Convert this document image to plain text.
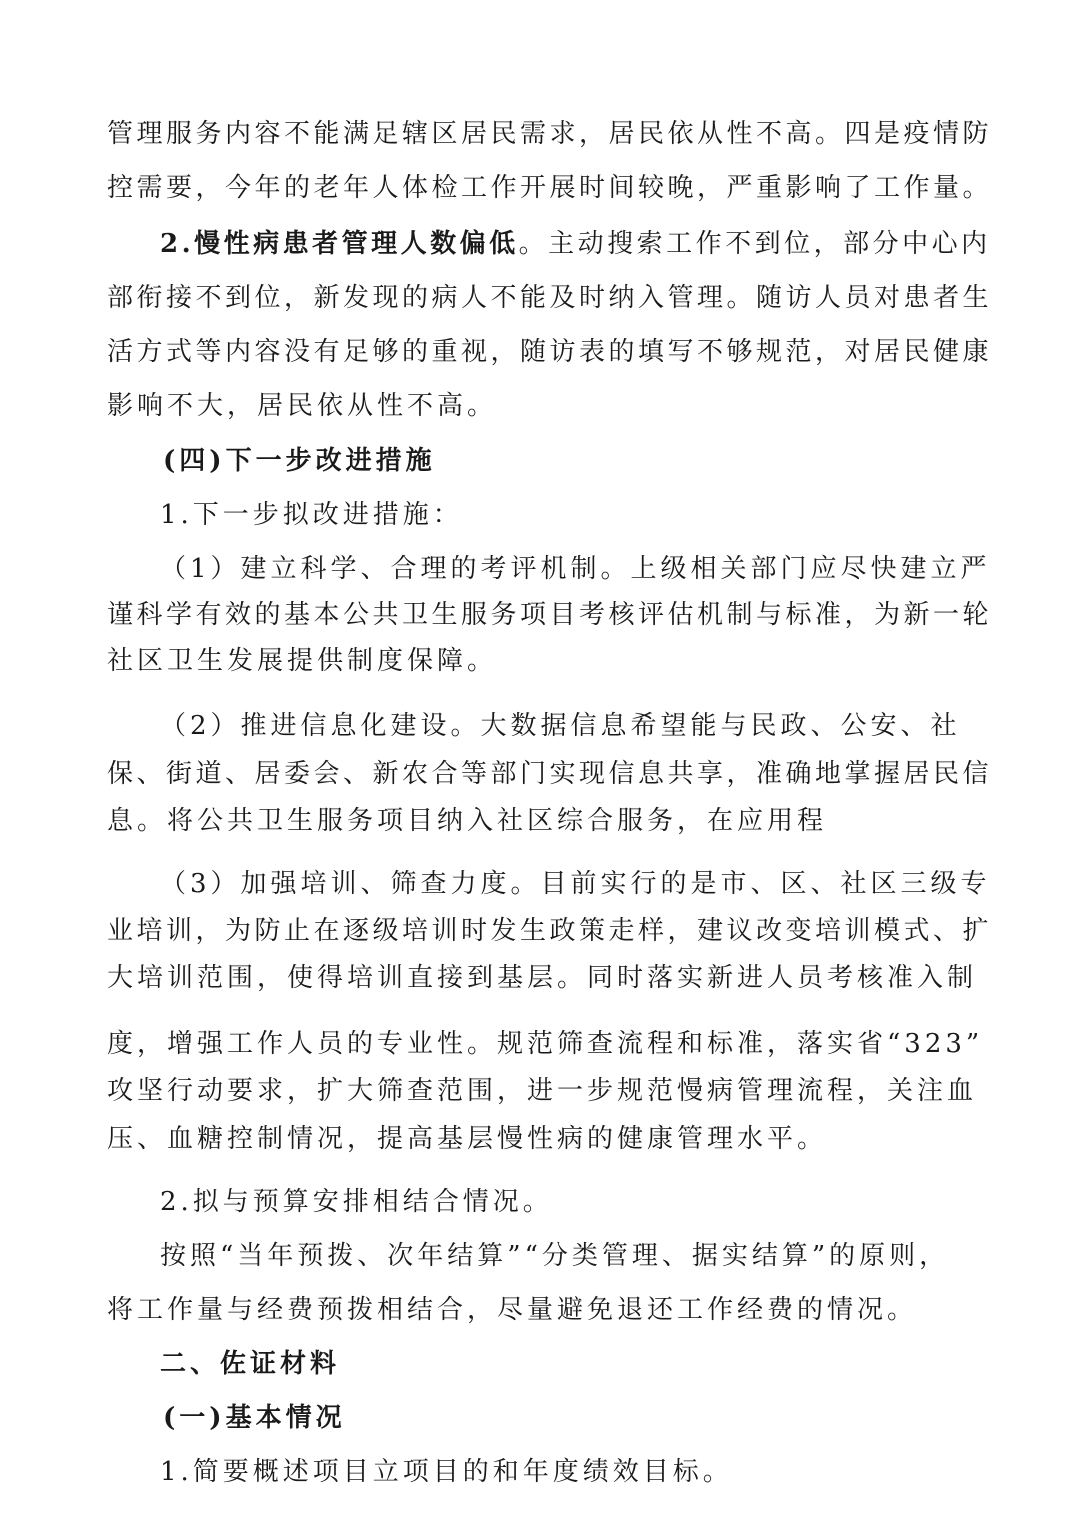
管理服务内容不能满足辖区居民需求，居民依从性不高。四是疫情防

控需要，今年的老年人体检工作开展时间较晚，严重影响了工作量。

2.慢性病患者管理人数偏低。主动搜索工作不到位，部分中心内

部衔接不到位，新发现的病人不能及时纳入管理。随访人员对患者生

活方式等内容没有足够的重视，随访表的填写不够规范，对居民健康

影响不大，居民依从性不高。

(四)下一步改进措施

1.下一步拟改进措施：

（1）建立科学、合理的考评机制。上级相关部门应尽快建立严

谨科学有效的基本公共卫生服务项目考核评估机制与标准，为新一轮

社区卫生发展提供制度保障。

（2）推进信息化建设。大数据信息希望能与民政、公安、社

保、街道、居委会、新农合等部门实现信息共享，准确地掌握居民信

息。将公共卫生服务项目纳入社区综合服务，在应用程

（3）加强培训、筛查力度。目前实行的是市、区、社区三级专

业培训，为防止在逐级培训时发生政策走样，建议改变培训模式、扩

大培训范围，使得培训直接到基层。同时落实新进人员考核准入制

度，增强工作人员的专业性。规范筛查流程和标准，落实省“323”

攻坚行动要求，扩大筛查范围，进一步规范慢病管理流程，关注血

压、血糖控制情况，提高基层慢性病的健康管理水平。

2.拟与预算安排相结合情况。

按照“当年预拨、次年结算”“分类管理、据实结算”的原则，

将工作量与经费预拨相结合，尽量避免退还工作经费的情况。

二、佐证材料

(一)基本情况

1.简要概述项目立项目的和年度绩效目标。
